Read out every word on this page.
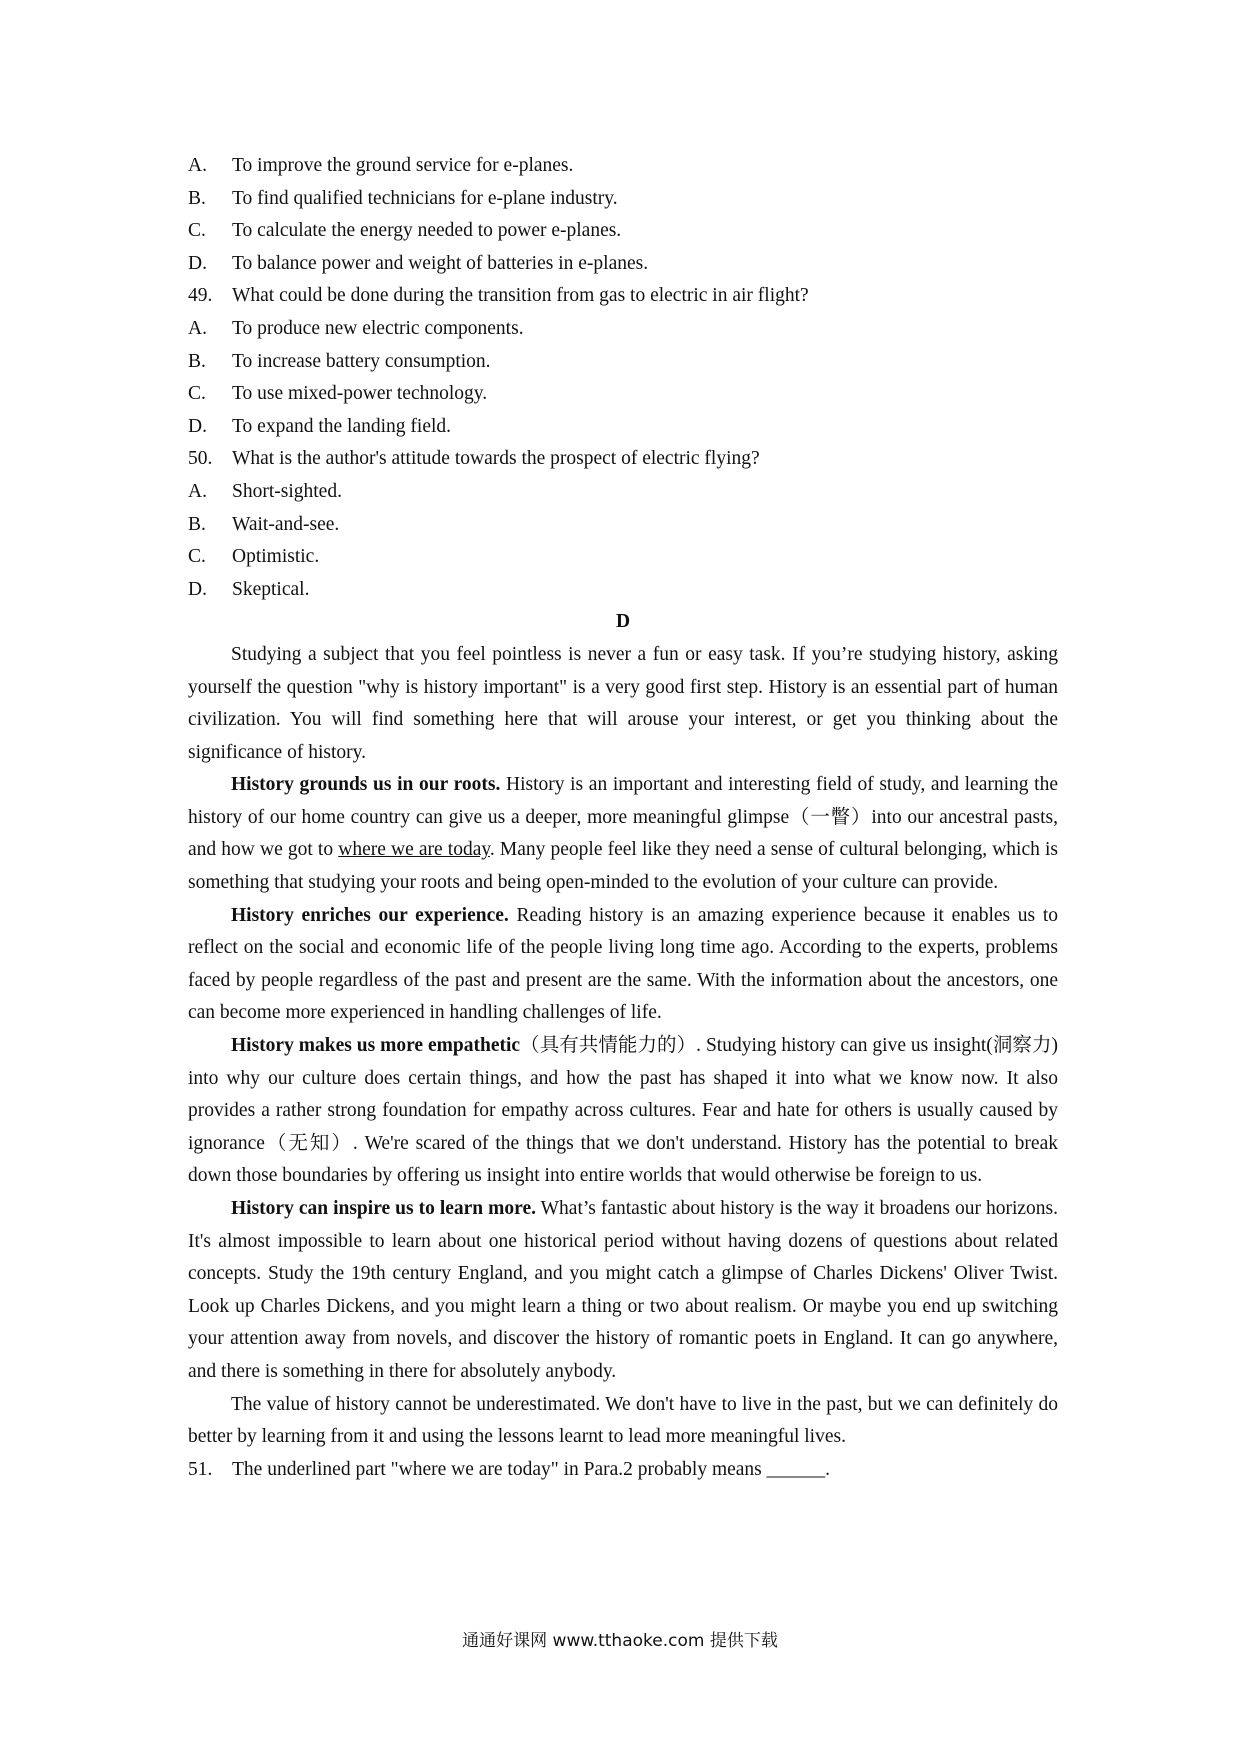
A.	To improve the ground service for e-planes.
B.	To find qualified technicians for e-plane industry.
C.	To calculate the energy needed to power e-planes.
D.	To balance power and weight of batteries in e-planes.
49.	What could be done during the transition from gas to electric in air flight?
A.	To produce new electric components.
B.	To increase battery consumption.
C.	To use mixed-power technology.
D.	To expand the landing field.
50.	What is the author's attitude towards the prospect of electric flying?
A.	Short-sighted.
B.	Wait-and-see.
C.	Optimistic.
D.	Skeptical.
D

Studying a subject that you feel pointless is never a fun or easy task. If you’re studying history, asking yourself the question "why is history important" is a very good first step. History is an essential part of human civilization. You will find something here that will arouse your interest, or get you thinking about the significance of history.

History grounds us in our roots. History is an important and interesting field of study, and learning the history of our home country can give us a deeper, more meaningful glimpse（一瞥）into our ancestral pasts, and how we got to where we are today. Many people feel like they need a sense of cultural belonging, which is something that studying your roots and being open-minded to the evolution of your culture can provide.

History enriches our experience. Reading history is an amazing experience because it enables us to reflect on the social and economic life of the people living long time ago. According to the experts, problems faced by people regardless of the past and present are the same. With the information about the ancestors, one can become more experienced in handling challenges of life.

History makes us more empathetic（具有共情能力的）. Studying history can give us insight(洞察力) into why our culture does certain things, and how the past has shaped it into what we know now. It also provides a rather strong foundation for empathy across cultures. Fear and hate for others is usually caused by ignorance（无知）. We're scared of the things that we don't understand. History has the potential to break down those boundaries by offering us insight into entire worlds that would otherwise be foreign to us.

History can inspire us to learn more. What’s fantastic about history is the way it broadens our horizons. It's almost impossible to learn about one historical period without having dozens of questions about related concepts. Study the 19th century England, and you might catch a glimpse of Charles Dickens' Oliver Twist. Look up Charles Dickens, and you might learn a thing or two about realism. Or maybe you end up switching your attention away from novels, and discover the history of romantic poets in England. It can go anywhere, and there is something in there for absolutely anybody.

The value of history cannot be underestimated. We don't have to live in the past, but we can definitely do better by learning from it and using the lessons learnt to lead more meaningful lives.

51.	The underlined part "where we are today" in Para.2 probably means ______.
通通好课网 www.tthaoke.com 提供下载
